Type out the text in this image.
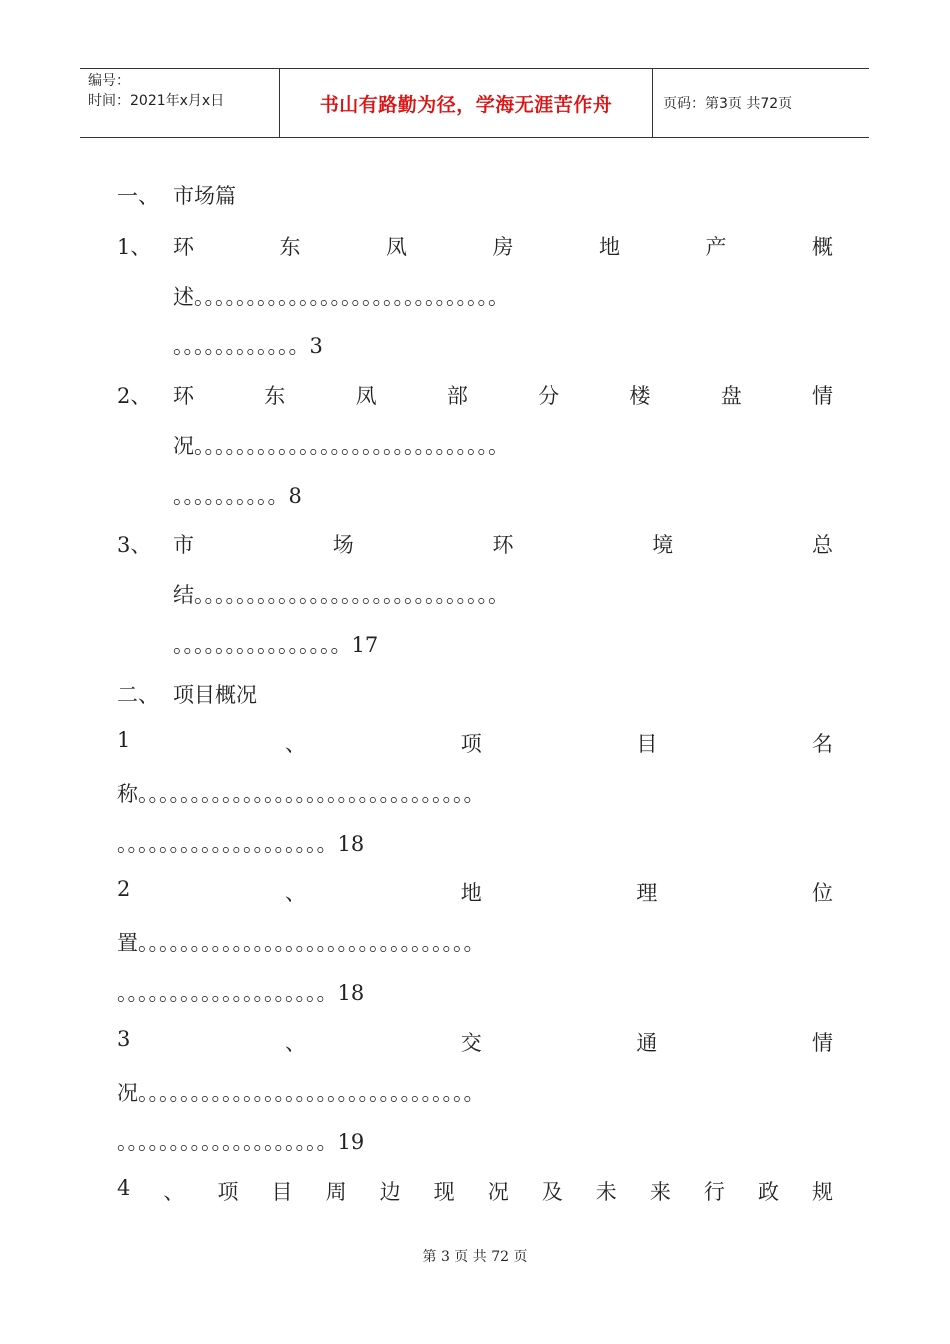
编号：
时间：2021年x月x日	书山有路勤为径，学海无涯苦作舟	页码：第3页 共72页
一、 市场篇
1、 环	东	凤	房	地	产	概
述。。。。。。。。。。。。。。。。。。。。。。。。。。。。。
。。。。。。。。。。。。3
2、 环	东	凤	部	分	楼	盘	情
况。。。。。。。。。。。。。。。。。。。。。。。。。。。。。
。。。。。。。。。。8
3、 市	场	环	境	总
结。。。。。。。。。。。。。。。。。。。。。。。。。。。。。
。。。。。。。。。。。。。。。。17
二、 项目概况
1	、	项	目	名
称。。。。。。。。。。。。。。。。。。。。。。。。。。。。。。。。
。。。。。。。。。。。。。。。。。。。。18
2	、	地	理	位
置。。。。。。。。。。。。。。。。。。。。。。。。。。。。。。。。
。。。。。。。。。。。。。。。。。。。。18
3	、	交	通	情
况。。。。。。。。。。。。。。。。。。。。。。。。。。。。。。。。
。。。。。。。。。。。。。。。。。。。。19
4 、 项 目 周 边 现 况 及 未 来 行 政 规
第 3 页 共 72 页
